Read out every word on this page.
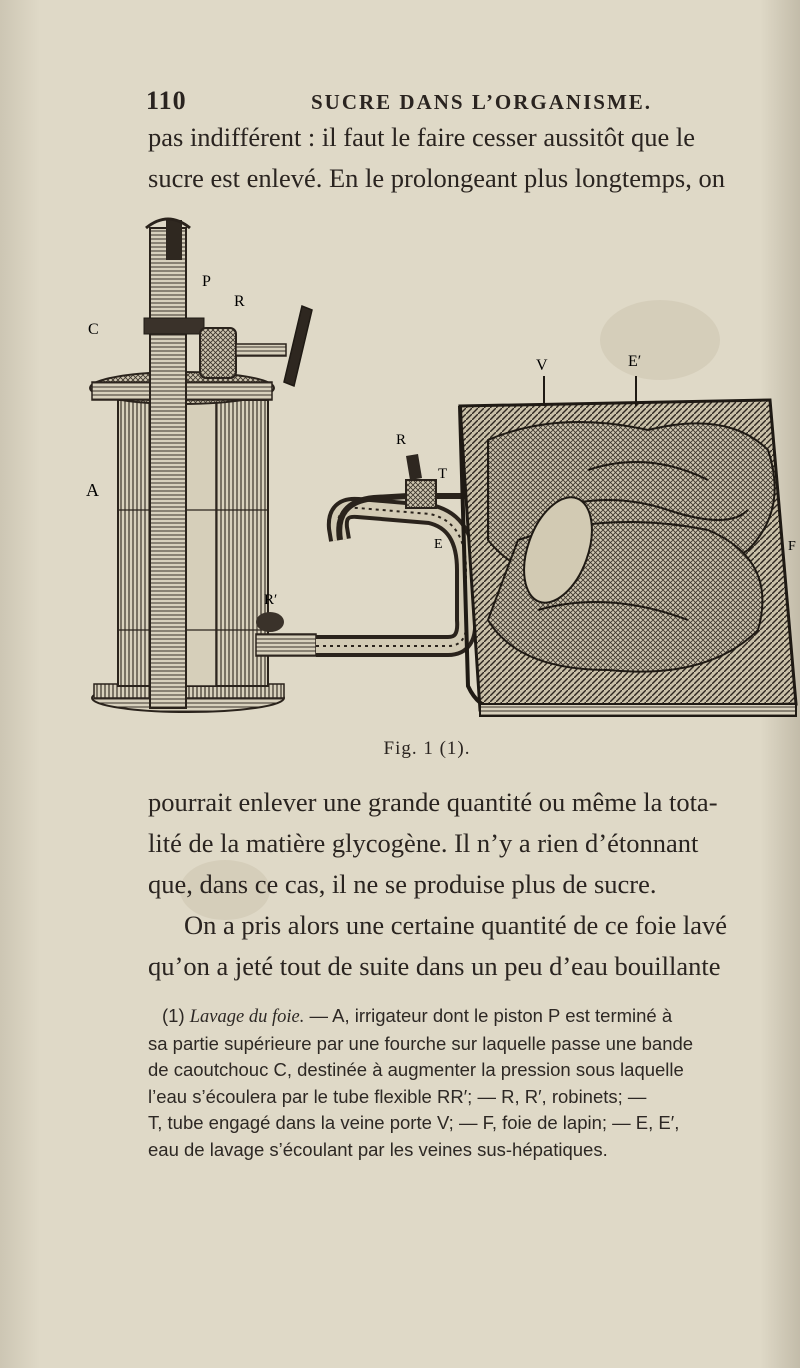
110	SUCRE DANS L’ORGANISME.
pas indifférent : il faut le faire cesser aussitôt que le
sucre est enlevé. En le prolongeant plus longtemps, on
P
R
C
A
V	E′
R
T
E
R′
F
Fig. 1 (1).
pourrait enlever une grande quantité ou même la tota-
lité de la matière glycogène. Il n’y a rien d’étonnant
que, dans ce cas, il ne se produise plus de sucre.
On a pris alors une certaine quantité de ce foie lavé
qu’on a jeté tout de suite dans un peu d’eau bouillante
(1) Lavage du foie. — A, irrigateur dont le piston P est terminé à
sa partie supérieure par une fourche sur laquelle passe une bande
de caoutchouc C, destinée à augmenter la pression sous laquelle
l’eau s’écoulera par le tube flexible RR′; — R, R′, robinets; —
T, tube engagé dans la veine porte V; — F, foie de lapin; — E, E′,
eau de lavage s’écoulant par les veines sus-hépatiques.
